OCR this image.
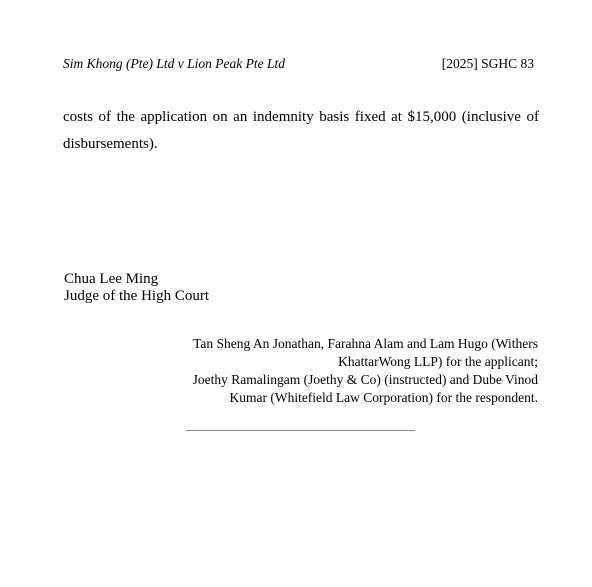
Sim Khong (Pte) Ltd v Lion Peak Pte Ltd	[2025] SGHC 83
costs of the application on an indemnity basis fixed at $15,000 (inclusive of disbursements).
Chua Lee Ming
Judge of the High Court
Tan Sheng An Jonathan, Farahna Alam and Lam Hugo (Withers
KhattarWong LLP) for the applicant;
Joethy Ramalingam (Joethy & Co) (instructed) and Dube Vinod
Kumar (Whitefield Law Corporation) for the respondent.
